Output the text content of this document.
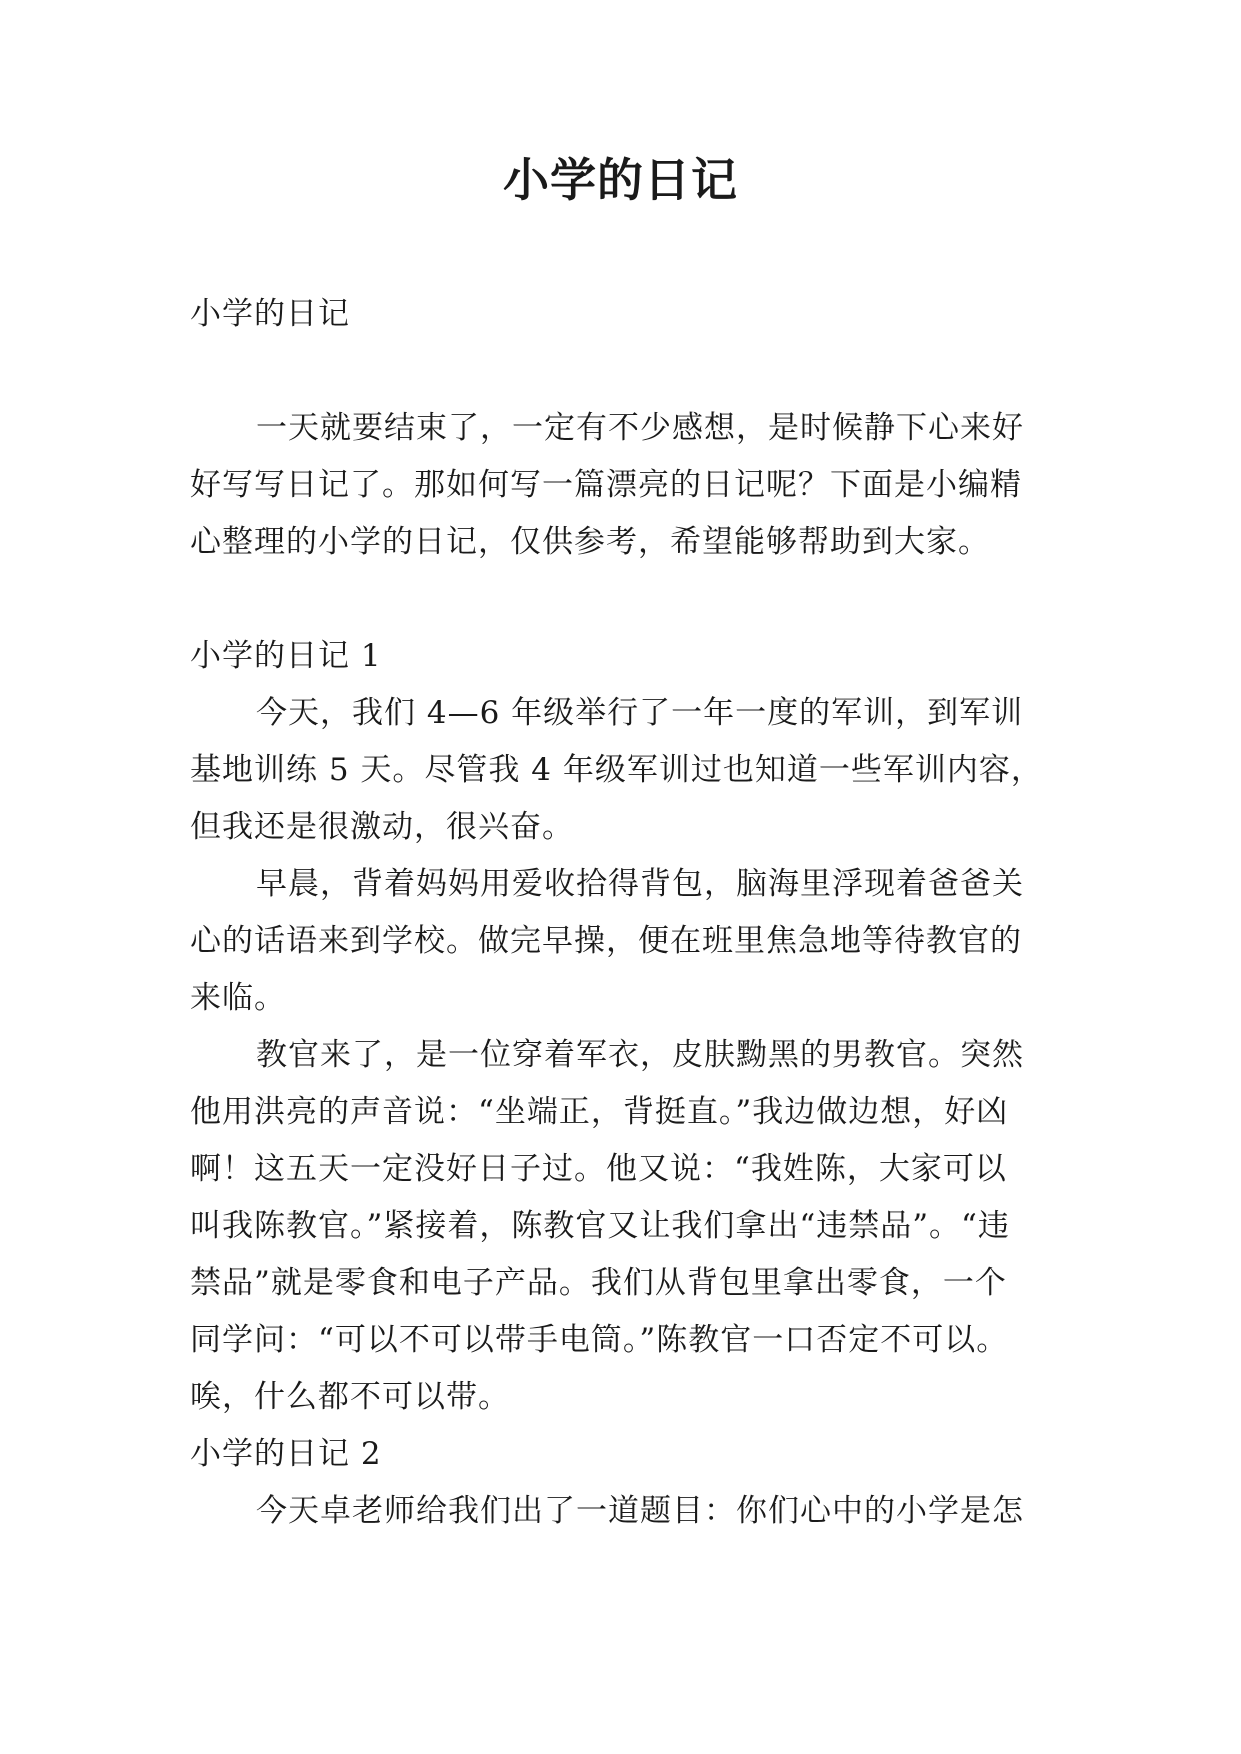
小学的日记
小学的日记
一天就要结束了，一定有不少感想，是时候静下心来好
好写写日记了。那如何写一篇漂亮的日记呢？下面是小编精
心整理的小学的日记，仅供参考，希望能够帮助到大家。
小学的日记 1
今天，我们 4—6 年级举行了一年一度的军训，到军训
基地训练 5 天。尽管我 4 年级军训过也知道一些军训内容，
但我还是很激动，很兴奋。
早晨，背着妈妈用爱收拾得背包，脑海里浮现着爸爸关
心的话语来到学校。做完早操，便在班里焦急地等待教官的
来临。
教官来了，是一位穿着军衣，皮肤黝黑的男教官。突然
他用洪亮的声音说：“坐端正，背挺直。”我边做边想，好凶
啊！这五天一定没好日子过。他又说：“我姓陈，大家可以
叫我陈教官。”紧接着，陈教官又让我们拿出“违禁品”。“违
禁品”就是零食和电子产品。我们从背包里拿出零食，一个
同学问：“可以不可以带手电筒。”陈教官一口否定不可以。
唉，什么都不可以带。
小学的日记 2
今天卓老师给我们出了一道题目：你们心中的小学是怎
